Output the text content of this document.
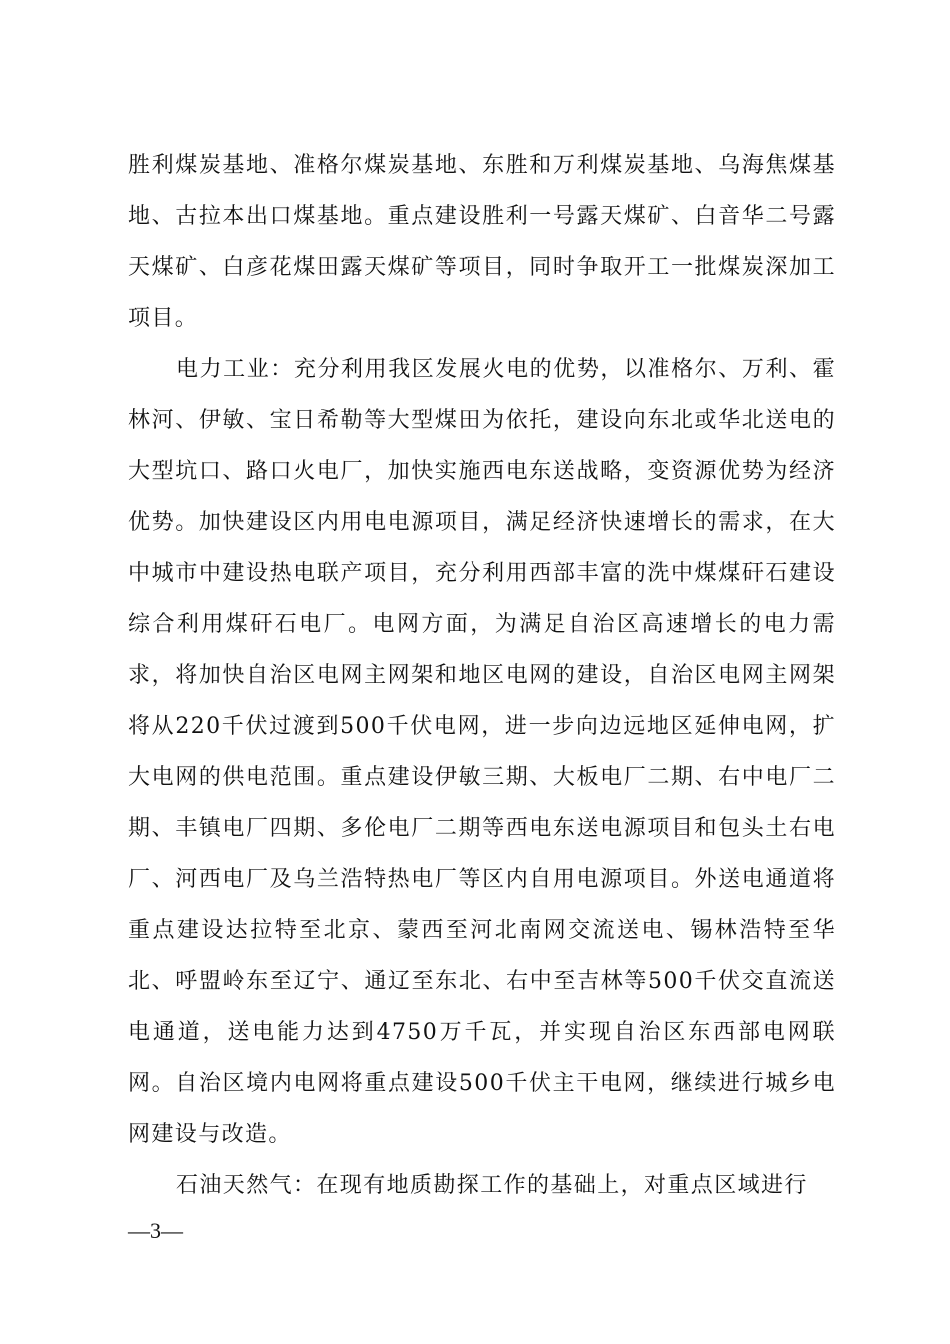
胜利煤炭基地、准格尔煤炭基地、东胜和万利煤炭基地、乌海焦煤基地、古拉本出口煤基地。重点建设胜利一号露天煤矿、白音华二号露天煤矿、白彦花煤田露天煤矿等项目，同时争取开工一批煤炭深加工项目。

电力工业：充分利用我区发展火电的优势，以准格尔、万利、霍林河、伊敏、宝日希勒等大型煤田为依托，建设向东北或华北送电的大型坑口、路口火电厂，加快实施西电东送战略，变资源优势为经济优势。加快建设区内用电电源项目，满足经济快速增长的需求，在大中城市中建设热电联产项目，充分利用西部丰富的洗中煤煤矸石建设综合利用煤矸石电厂。电网方面，为满足自治区高速增长的电力需求，将加快自治区电网主网架和地区电网的建设，自治区电网主网架将从220千伏过渡到500千伏电网，进一步向边远地区延伸电网，扩大电网的供电范围。重点建设伊敏三期、大板电厂二期、右中电厂二期、丰镇电厂四期、多伦电厂二期等西电东送电源项目和包头土右电厂、河西电厂及乌兰浩特热电厂等区内自用电源项目。外送电通道将重点建设达拉特至北京、蒙西至河北南网交流送电、锡林浩特至华北、呼盟岭东至辽宁、通辽至东北、右中至吉林等500千伏交直流送电通道，送电能力达到4750万千瓦，并实现自治区东西部电网联网。自治区境内电网将重点建设500千伏主干电网，继续进行城乡电网建设与改造。

石油天然气：在现有地质勘探工作的基础上，对重点区域进行

—3—
